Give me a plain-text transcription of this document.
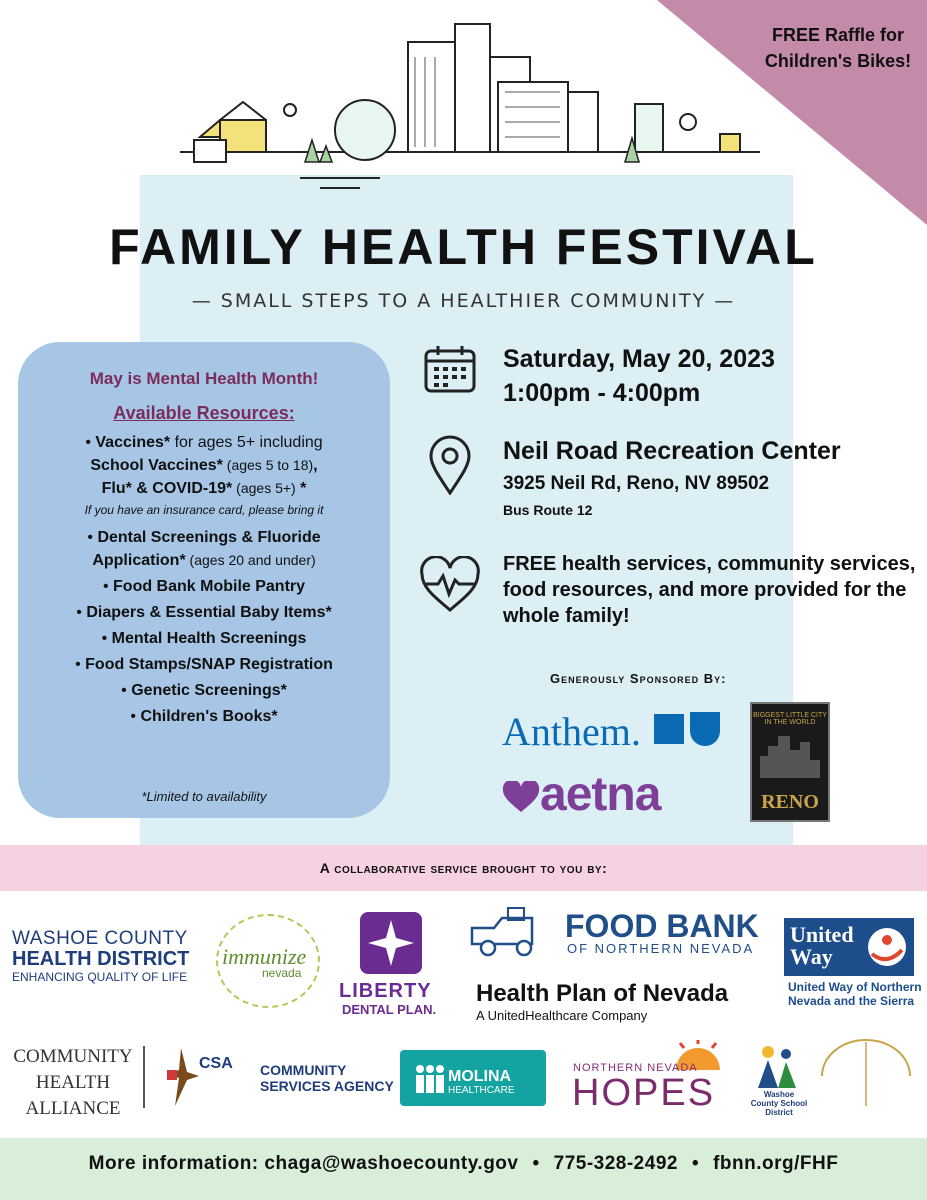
FREE Raffle for Children's Bikes!
FAMILY HEALTH FESTIVAL
— SMALL STEPS TO A HEALTHIER COMMUNITY —
May is Mental Health Month!
Available Resources:
• Vaccines* for ages 5+ including
School Vaccines* (ages 5 to 18),
Flu* & COVID-19* (ages 5+) *
If you have an insurance card, please bring it
• Dental Screenings & Fluoride
Application* (ages 20 and under)
• Food Bank Mobile Pantry
• Diapers & Essential Baby Items*
• Mental Health Screenings
• Food Stamps/SNAP Registration
• Genetic Screenings*
• Children's Books*
*Limited to availability
Saturday, May 20, 2023
1:00pm - 4:00pm
Neil Road Recreation Center
3925 Neil Rd, Reno, NV 89502
Bus Route 12
FREE health services, community services, food resources, and more provided for the whole family!
Generously Sponsored By:
Anthem.
aetna
BIGGEST LITTLE CITY IN THE WORLD
RENO
A collaborative service brought to you by:
WASHOE COUNTY
HEALTH DISTRICT
ENHANCING QUALITY OF LIFE
immunize
nevada
LIBERTY
DENTAL PLAN.
FOOD BANK
OF NORTHERN NEVADA
Health Plan of Nevada
A UnitedHealthcare Company
United Way
United Way of Northern
Nevada and the Sierra
COMMUNITY HEALTH ALLIANCE
CSA COMMUNITY
SERVICES AGENCY
MOLINA
HEALTHCARE
NORTHERN NEVADA
HOPES	Washoe County School District
More information: chaga@washoecounty.gov • 775-328-2492 • fbnn.org/FHF
